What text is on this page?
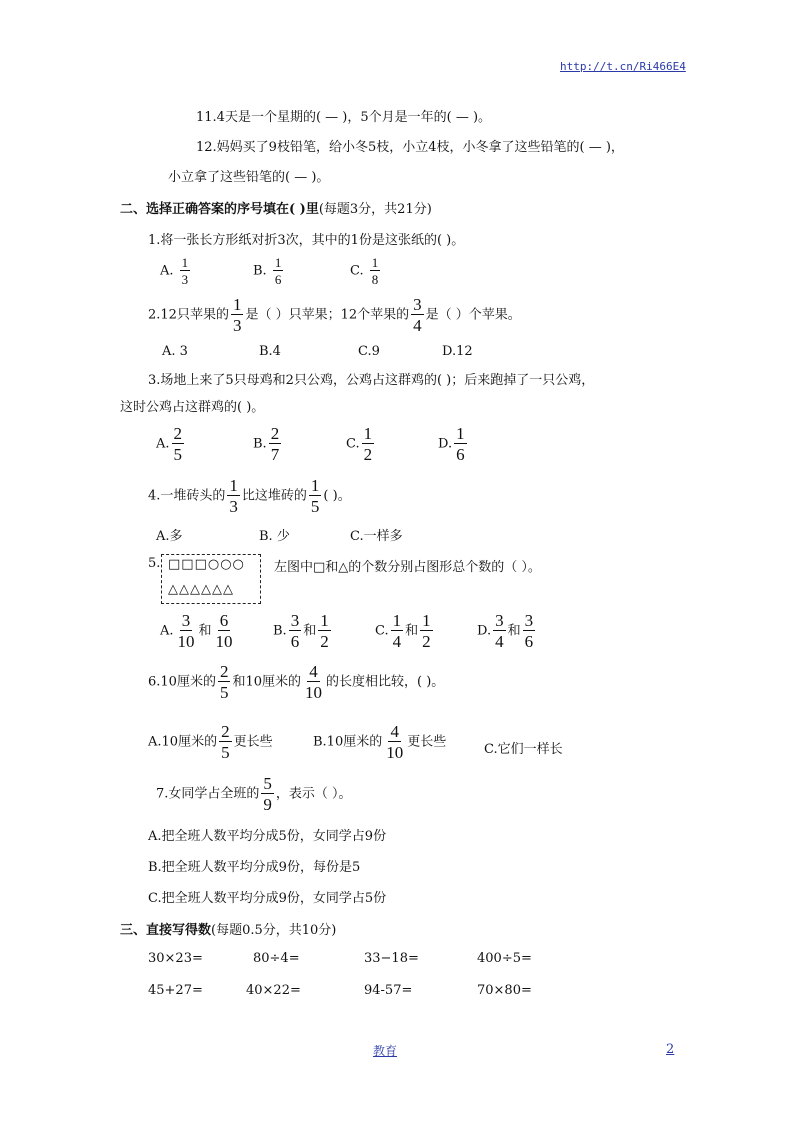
http://t.cn/Ri466E4
11.4天是一个星期的( — )，5个月是一年的( — )。
12.妈妈买了9枝铅笔，给小冬5枝，小立4枝，小冬拿了这些铅笔的( — )，
小立拿了这些铅笔的( — )。
二、选择正确答案的序号填在( )里(每题3分，共21分)
1.将一张长方形纸对折3次，其中的1份是这张纸的( )。
A. $\frac{1}{3}$	B. $\frac{1}{6}$	C. $\frac{1}{8}$
2.12只苹果的 $\frac{1}{3}$ 是（ ）只苹果；12个苹果的 $\frac{3}{4}$ 是（ ）个苹果。
A. 3	B.4	C.9	D.12
3.场地上来了5只母鸡和2只公鸡，公鸡占这群鸡的( )；后来跑掉了一只公鸡，
这时公鸡占这群鸡的( )。
A. $\frac{2}{5}$	B. $\frac{2}{7}$	C. $\frac{1}{2}$	D. $\frac{1}{6}$
4.一堆砖头的 $\frac{1}{3}$ 比这堆砖的 $\frac{1}{5}$ ( )。
A.多	B. 少	C.一样多
5. □□□○○○
△△△△△△
左图中□和△的个数分别占图形总个数的（ ）。
A. $\frac{3}{10}$ 和 $\frac{6}{10}$	B. $\frac{3}{6}$ 和 $\frac{1}{2}$	C. $\frac{1}{4}$ 和 $\frac{1}{2}$	D. $\frac{3}{4}$ 和 $\frac{3}{6}$
6.10厘米的 $\frac{2}{5}$ 和10厘米的 $\frac{4}{10}$ 的长度相比较，( )。
A.10厘米的 $\frac{2}{5}$ 更长些	B.10厘米的 $\frac{4}{10}$ 更长些	C.它们一样长
7.女同学占全班的 $\frac{5}{9}$ ，表示（ ）。
A.把全班人数平均分成5份，女同学占9份
B.把全班人数平均分成9份，每份是5
C.把全班人数平均分成9份，女同学占5份
三、直接写得数(每题0.5分，共10分)
30×23=	80÷4=	33−18=	400÷5=
45+27=	40×22=	94-57=	70×80=
教育	2
